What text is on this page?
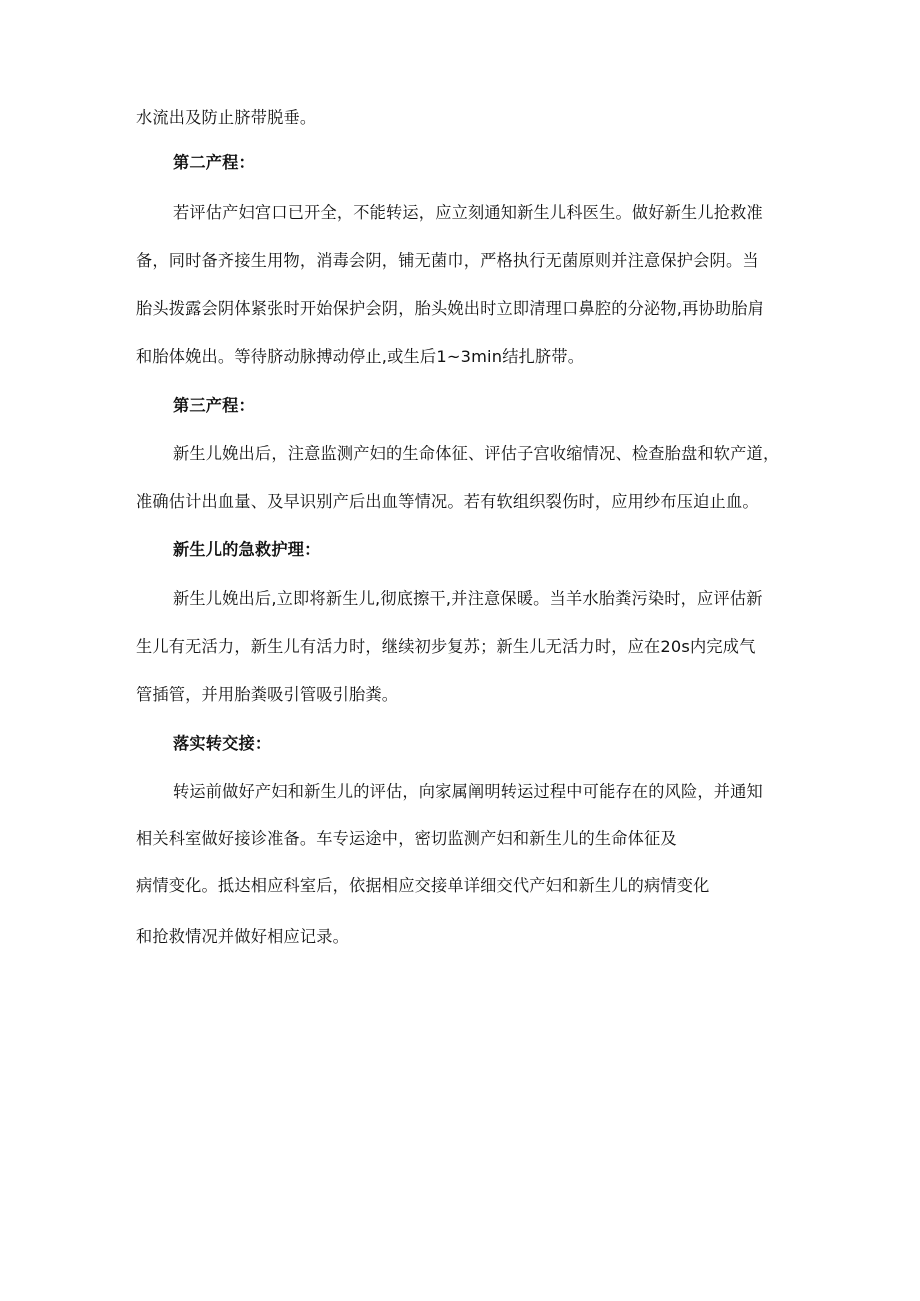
水流出及防止脐带脱垂。

第二产程：

若评估产妇宫口已开全，不能转运，应立刻通知新生儿科医生。做好新生儿抢救准

备，同时备齐接生用物，消毒会阴，铺无菌巾，严格执行无菌原则并注意保护会阴。当

胎头拨露会阴体紧张时开始保护会阴，胎头娩出时立即清理口鼻腔的分泌物,再协助胎肩

和胎体娩出。等待脐动脉搏动停止,或生后1~3min结扎脐带。

第三产程：

新生儿娩出后，注意监测产妇的生命体征、评估子宫收缩情况、检查胎盘和软产道，

准确估计出血量、及早识别产后出血等情况。若有软组织裂伤时，应用纱布压迫止血。

新生儿的急救护理：

新生儿娩出后,立即将新生儿,彻底擦干,并注意保暖。当羊水胎粪污染时，应评估新

生儿有无活力，新生儿有活力时，继续初步复苏；新生儿无活力时，应在20s内完成气

管插管，并用胎粪吸引管吸引胎粪。

落实转交接：

转运前做好产妇和新生儿的评估，向家属阐明转运过程中可能存在的风险，并通知

相关科室做好接诊准备。车专运途中，密切监测产妇和新生儿的生命体征及

病情变化。抵达相应科室后，依据相应交接单详细交代产妇和新生儿的病情变化

和抢救情况并做好相应记录。
